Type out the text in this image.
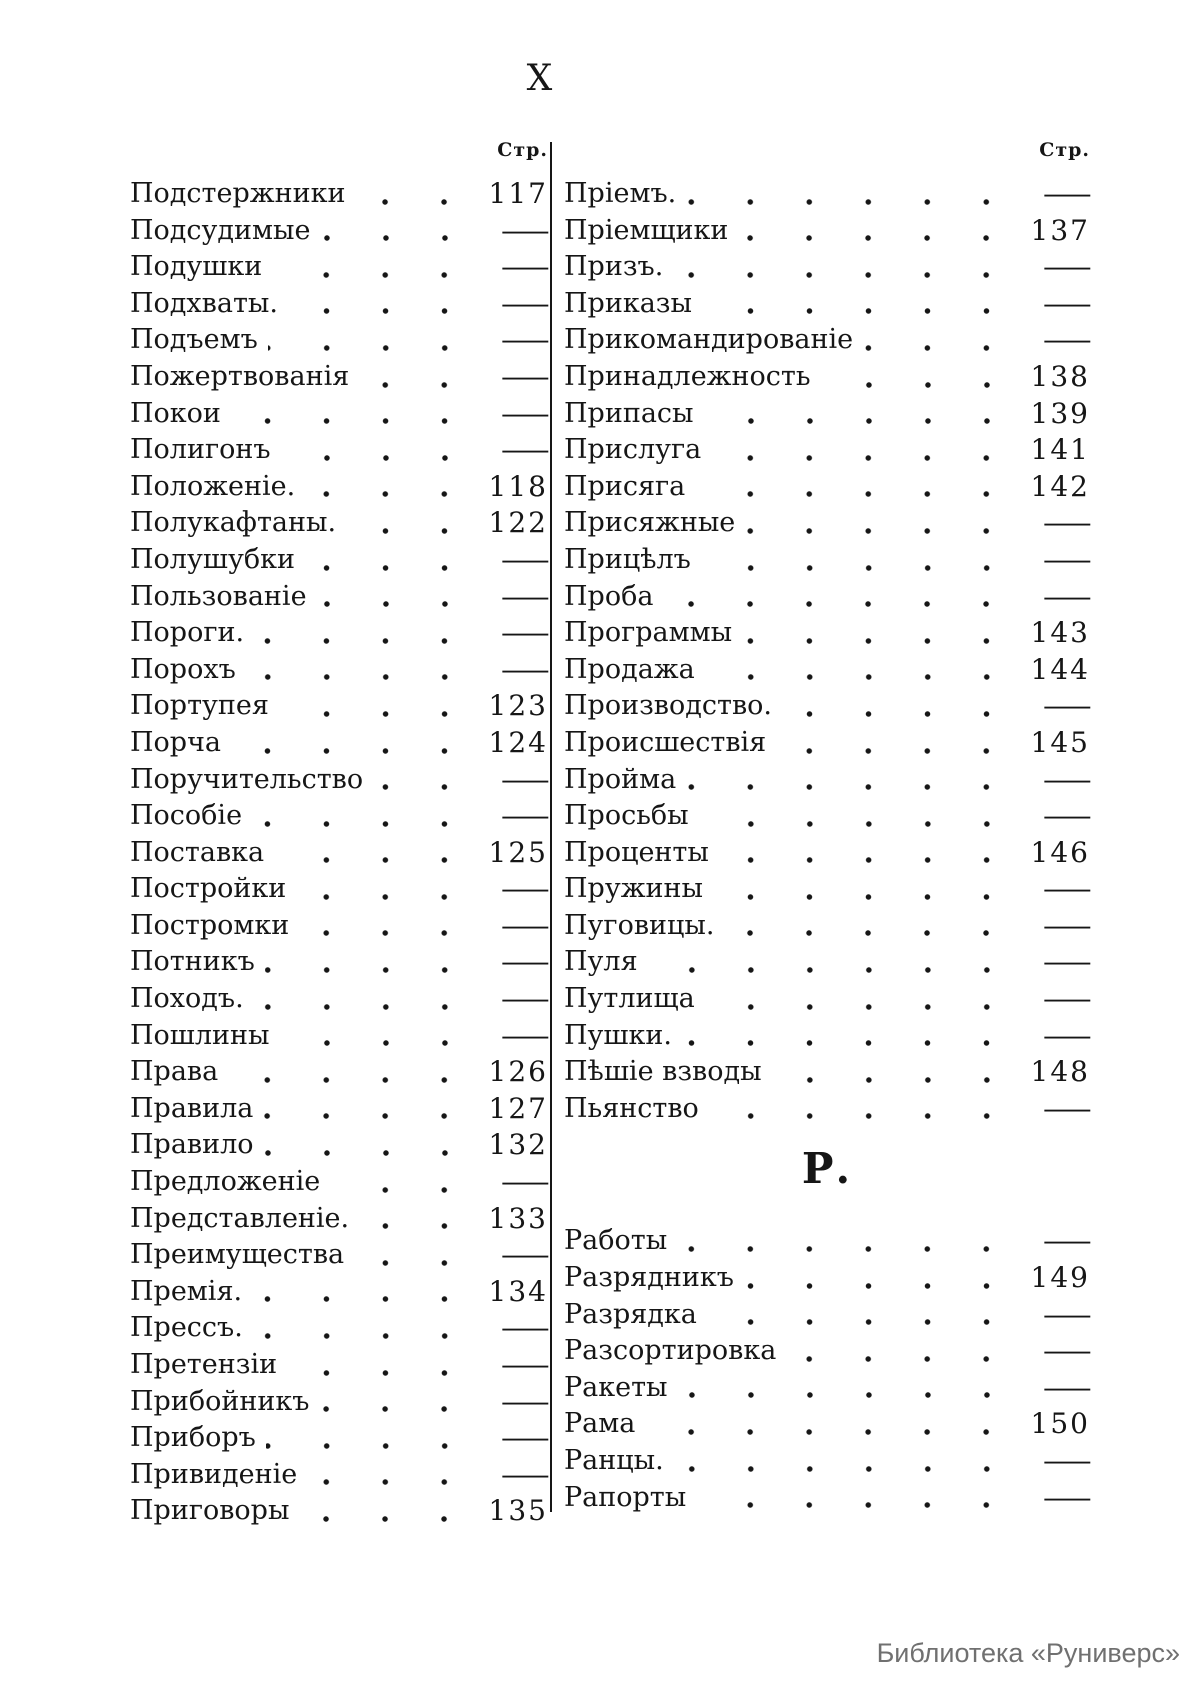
X
Стр.
Подстержники	117
Подсудимые	—
Подушки	—
Подхваты.	—
Подъемъ	—
Пожертвованія	—
Покои	—
Полигонъ	—
Положеніе.	118
Полукафтаны.	122
Полушубки	—
Пользованіе	—
Пороги.	—
Порохъ	—
Портупея	123
Порча	124
Поручительство	—
Пособіе	—
Поставка	125
Постройки	—
Постромки	—
Потникъ	—
Походъ.	—
Пошлины	—
Права	126
Правила	127
Правило	132
Предложеніе	—
Представленіе.	133
Преимущества	—
Премія.	134
Прессъ.	—
Претензіи	—
Прибойникъ	—
Приборъ	—
Привиденіе	—
Приговоры	135
Стр.
Пріемъ.	—
Пріемщики	137
Призъ.	—
Приказы	—
Прикомандированіе	—
Принадлежность	138
Припасы	139
Прислуга	141
Присяга	142
Присяжные	—
Прицѣлъ	—
Проба	—
Программы	143
Продажа	144
Производство.	—
Происшествія	145
Пройма	—
Просьбы	—
Проценты	146
Пружины	—
Пуговицы.	—
Пуля	—
Путлища	—
Пушки.	—
Пѣшіе взводы	148
Пьянство	—
Р.
Работы	—
Разрядникъ	149
Разрядка	—
Разсортировка	—
Ракеты	—
Рама	150
Ранцы.	—
Рапорты	—
Библиотека «Руниверс»
